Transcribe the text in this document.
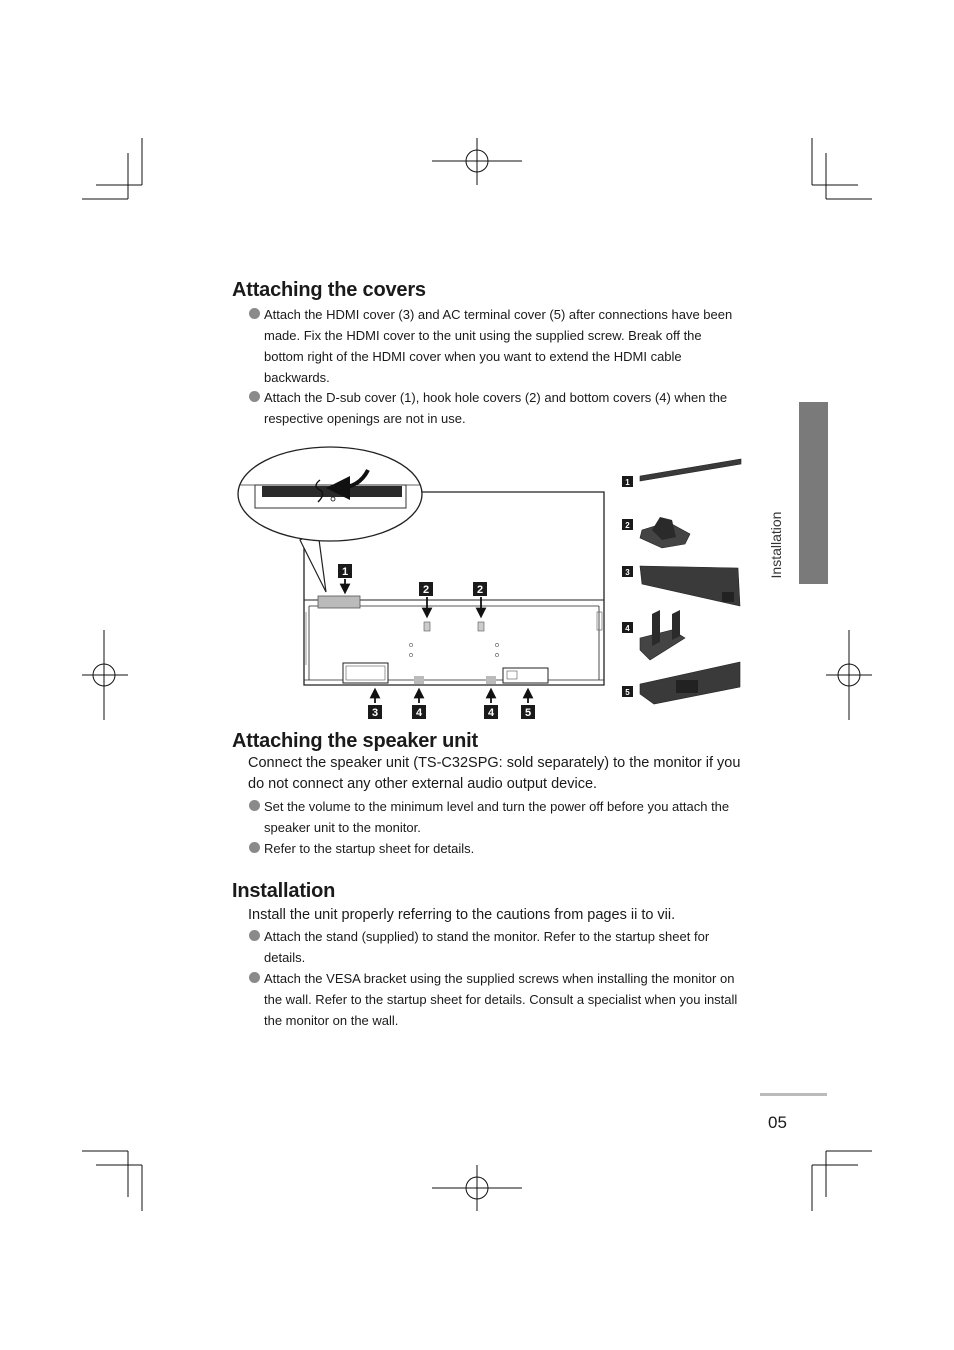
Attaching the covers

Attach the HDMI cover (3) and AC terminal cover (5) after connections have been made. Fix the HDMI cover to the unit using the supplied screw. Break off the bottom right of the HDMI cover when you want to extend the HDMI cable backwards.

Attach the D-sub cover (1), hook hole covers (2) and bottom covers (4) when the respective openings are not in use.

1
2	2
3	4	4	5
1
2
3
4
5
Attaching the speaker unit

Connect the speaker unit (TS-C32SPG: sold separately) to the monitor if you do not connect any other external audio output device.

Set the volume to the minimum level and turn the power off before you attach the speaker unit to the monitor.

Refer to the startup sheet for details.

Installation

Install the unit properly referring to the cautions from pages ii to vii.

Attach the stand (supplied) to stand the monitor. Refer to the startup sheet for details.

Attach the VESA bracket using the supplied screws when installing the monitor on the wall. Refer to the startup sheet for details. Consult a specialist when you install the monitor on the wall.

Installation
05
